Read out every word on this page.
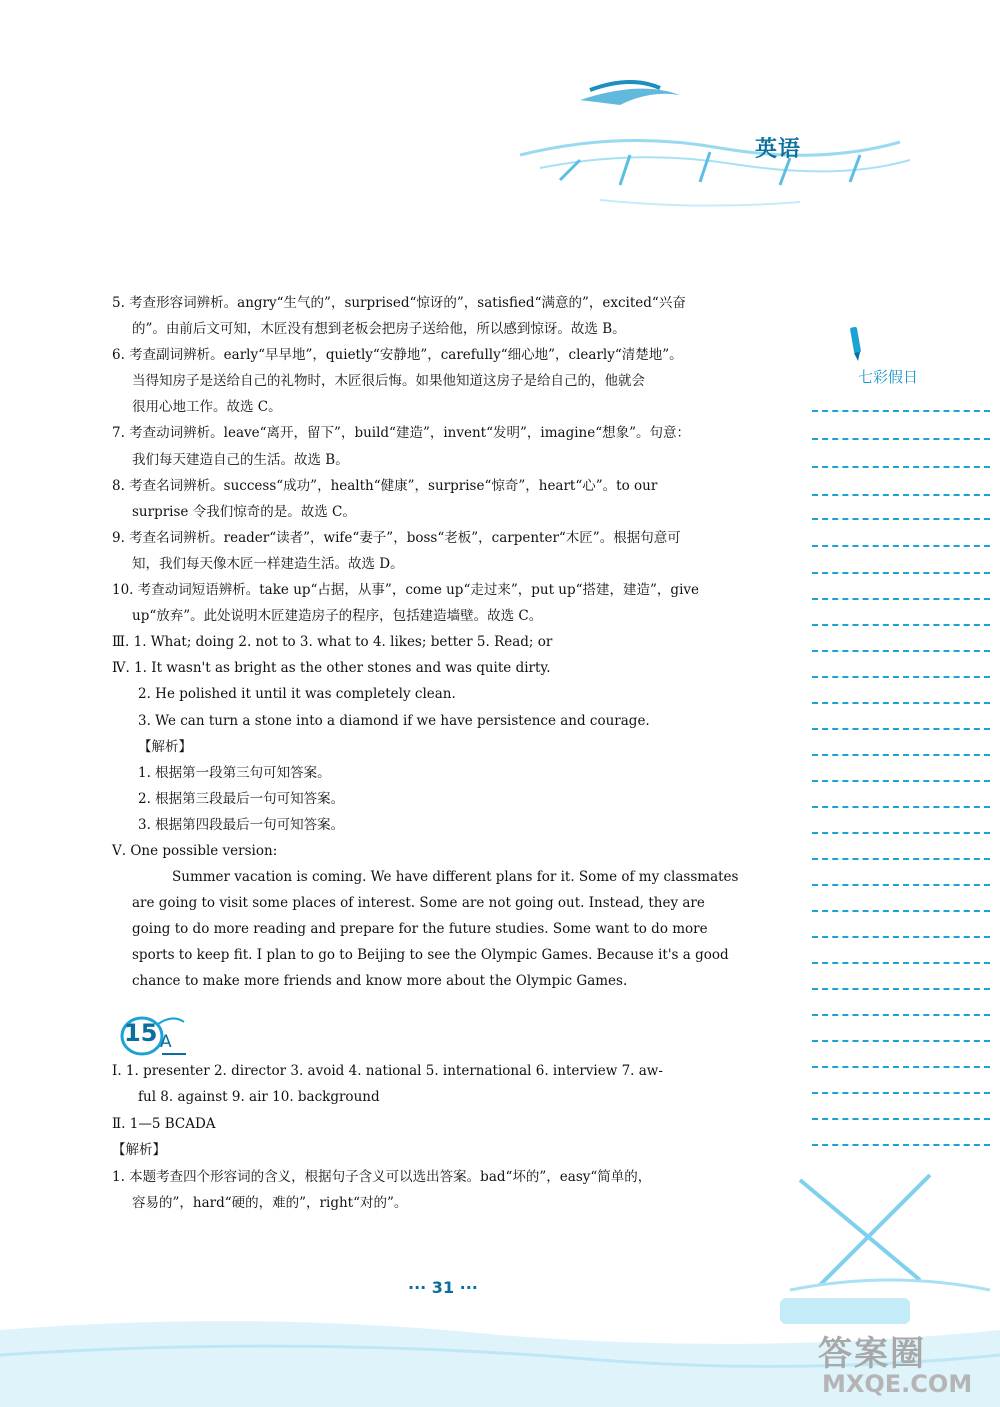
英语
七彩假日
5. 考查形容词辨析。angry“生气的”，surprised“惊讶的”，satisfied“满意的”，excited“兴奋
的”。由前后文可知，木匠没有想到老板会把房子送给他，所以感到惊讶。故选 B。
6. 考查副词辨析。early“早早地”，quietly“安静地”，carefully“细心地”，clearly“清楚地”。
当得知房子是送给自己的礼物时，木匠很后悔。如果他知道这房子是给自己的，他就会
很用心地工作。故选 C。
7. 考查动词辨析。leave“离开，留下”，build“建造”，invent“发明”，imagine“想象”。句意：
我们每天建造自己的生活。故选 B。
8. 考查名词辨析。success“成功”，health“健康”，surprise“惊奇”，heart“心”。to our
surprise 令我们惊奇的是。故选 C。
9. 考查名词辨析。reader“读者”，wife“妻子”，boss“老板”，carpenter“木匠”。根据句意可
知，我们每天像木匠一样建造生活。故选 D。
10. 考查动词短语辨析。take up“占据，从事”，come up“走过来”，put up“搭建，建造”，give
up“放弃”。此处说明木匠建造房子的程序，包括建造墙壁。故选 C。
Ⅲ. 1. What; doing 2. not to 3. what to 4. likes; better 5. Read; or
Ⅳ. 1. It wasn't as bright as the other stones and was quite dirty.
2. He polished it until it was completely clean.
3. We can turn a stone into a diamond if we have persistence and courage.
【解析】
1. 根据第一段第三句可知答案。
2. 根据第三段最后一句可知答案。
3. 根据第四段最后一句可知答案。
Ⅴ. One possible version:
Summer vacation is coming. We have different plans for it. Some of my classmates
are going to visit some places of interest. Some are not going out. Instead, they are
going to do more reading and prepare for the future studies. Some want to do more
sports to keep fit. I plan to go to Beijing to see the Olympic Games. Because it's a good
chance to make more friends and know more about the Olympic Games.
15 A
Ⅰ. 1. presenter 2. director 3. avoid 4. national 5. international 6. interview 7. aw-
ful 8. against 9. air 10. background
Ⅱ. 1—5 BCADA
【解析】
1. 本题考查四个形容词的含义，根据句子含义可以选出答案。bad“坏的”，easy“简单的，
容易的”，hard“硬的，难的”，right“对的”。
··· 31 ···
答案圈
MXQE.COM
